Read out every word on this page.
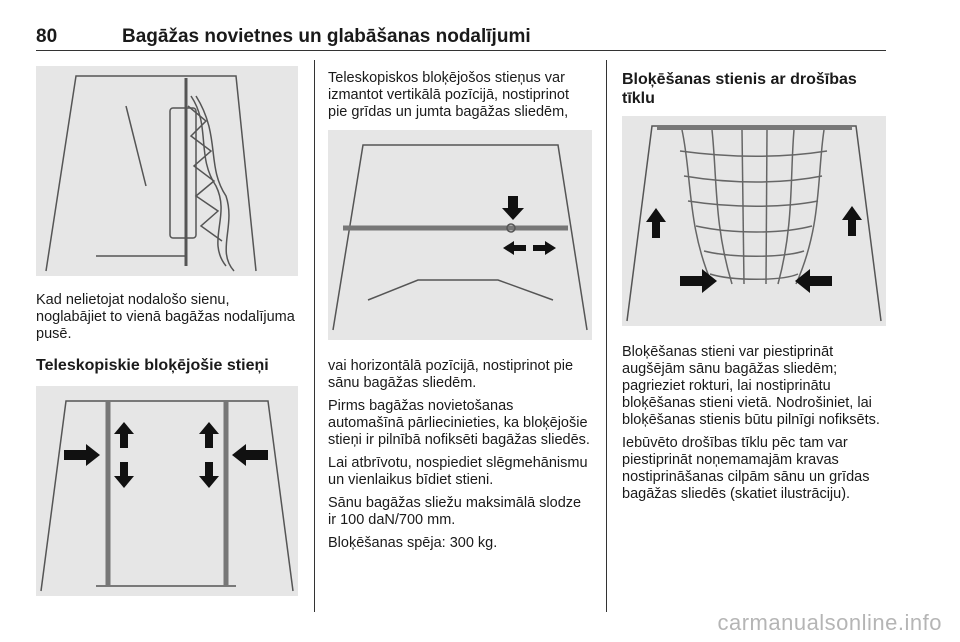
80	Bagāžas novietnes un glabāšanas nodalījumi

Kad nelietojat nodalošo sienu, noglabājiet to vienā bagāžas nodalījuma pusē.

Teleskopiskie bloķējošie stieņi

Teleskopiskos bloķējošos stieņus var izmantot vertikālā pozīcijā, nostiprinot pie grīdas un jumta bagāžas sliedēm,

vai horizontālā pozīcijā, nostiprinot pie sānu bagāžas sliedēm.

Pirms bagāžas novietošanas automašīnā pārliecinieties, ka bloķējošie stieņi ir pilnībā nofiksēti bagāžas sliedēs.

Lai atbrīvotu, nospiediet slēgmehānismu un vienlaikus bīdiet stieni.

Sānu bagāžas sliežu maksimālā slodze ir 100 daN/700 mm.

Bloķēšanas spēja: 300 kg.

Bloķēšanas stienis ar drošības tīklu

Bloķēšanas stieni var piestiprināt augšējām sānu bagāžas sliedēm; pagrieziet rokturi, lai nostiprinātu bloķēšanas stieni vietā. Nodrošiniet, lai bloķēšanas stienis būtu pilnīgi nofiksēts.

Iebūvēto drošības tīklu pēc tam var piestiprināt noņemamajām kravas nostiprināšanas cilpām sānu un grīdas bagāžas sliedēs (skatiet ilustrāciju).

carmanualsonline.info
